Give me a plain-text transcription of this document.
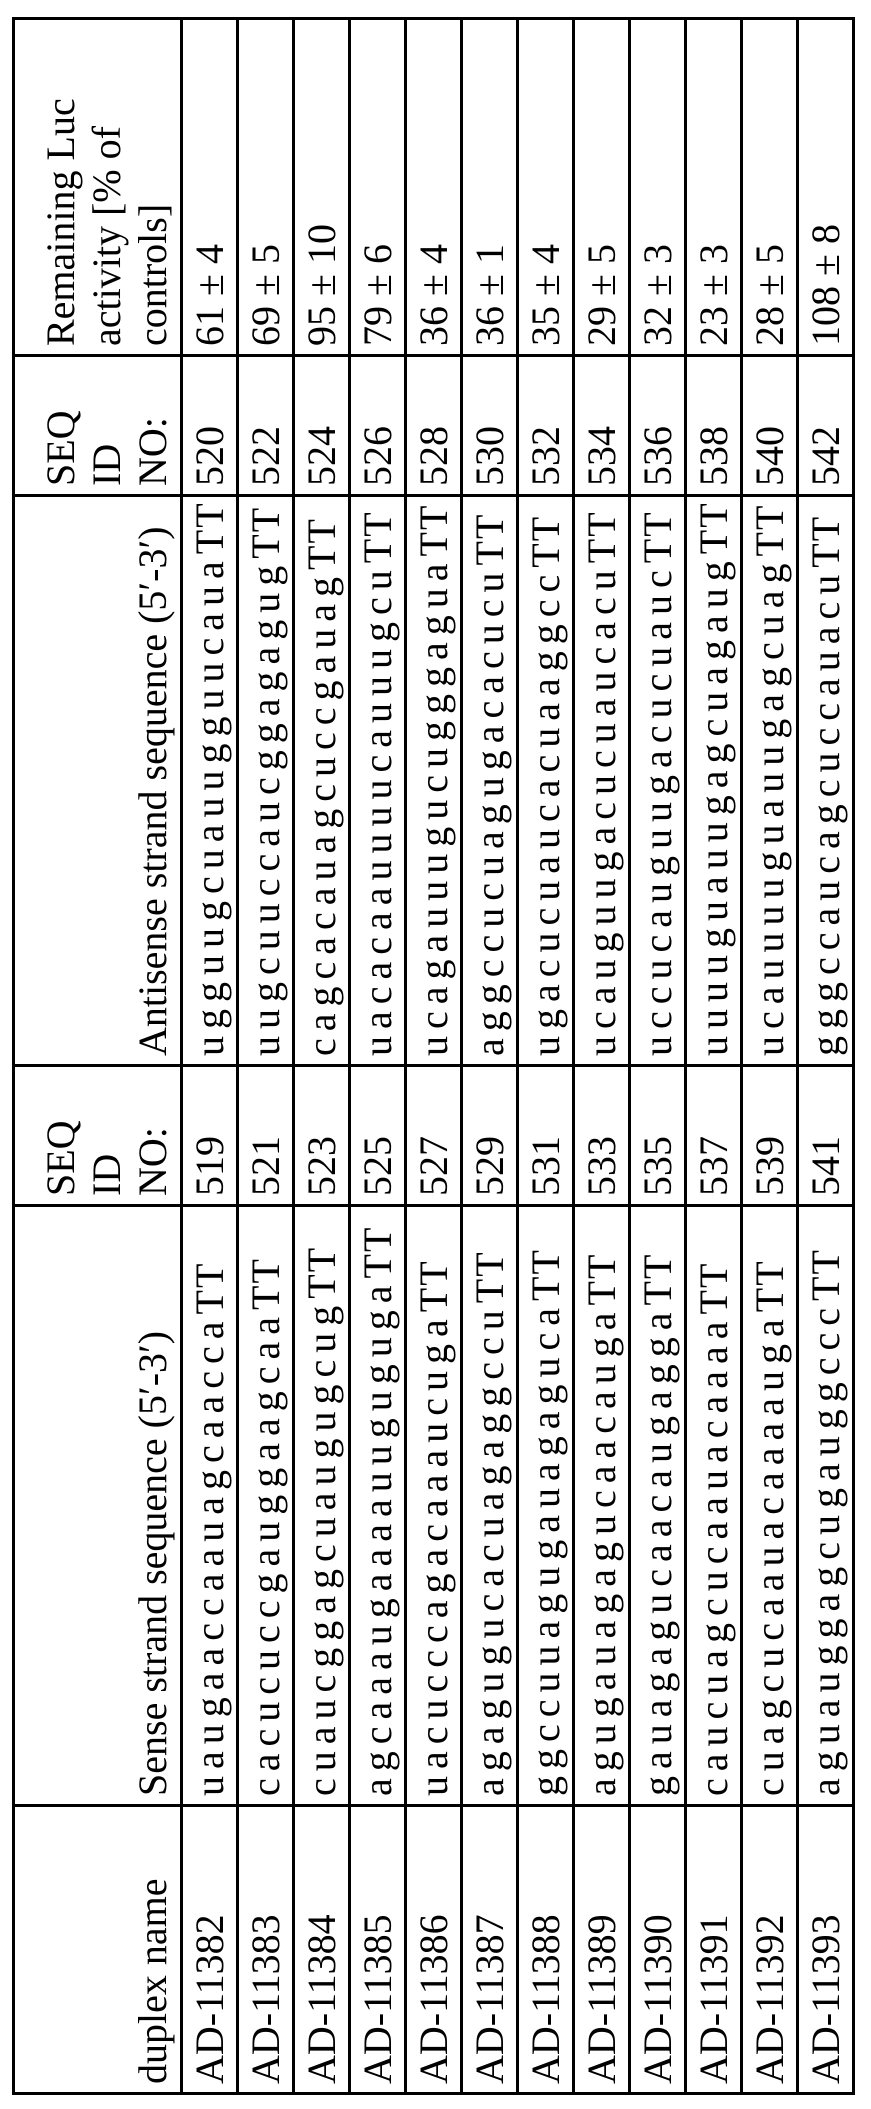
duplex name	Sense strand sequence (5′-3′)	SEQ ID NO:	Antisense strand sequence (5′-3′)	SEQ ID NO:	Remaining Luc activity [% of controls]
AD-11382	uaugaaccaauagcaaccaTT	519	ugguugcuauugguucauaTT	520	61 ± 4
AD-11383	cacucuccgauggaagcaaTT	521	uugcuuccaucggagagugTT	522	69 ± 5
AD-11384	cuaucggagcuaugugcugTT	523	cagcacauagcuccgauagTT	524	95 ± 10
AD-11385	agcaaaugaaaauugugugaTT	525	uacacaauuuucauuugcuTT	526	79 ± 6
AD-11386	uacucccagacaaaucugaTT	527	ucagauuugucugggaguaTT	528	36 ± 4
AD-11387	agagugucacuagaggccuTT	529	aggccucuagugacacucuTT	530	36 ± 1
AD-11388	ggccuuagugauagagucaTT	531	ugacucuaucacuaaggccTT	532	35 ± 4
AD-11389	agugauagagucaacaugaTT	533	ucauguugacucuaucacuTT	534	29 ± 5
AD-11390	gauagagucaacaugaggaTT	535	uccucauguugacucuaucTT	536	32 ± 3
AD-11391	caucuagcucaauacaaaaTT	537	uuuuguauugagcuagaugTT	538	23 ± 3
AD-11392	cuagcucaauacaaaaugaTT	539	ucauuuuguauugagcuagTT	540	28 ± 5
AD-11393	aguauggagcugauggcccTT	541	gggccaucagcuccauacuTT	542	108 ± 8
